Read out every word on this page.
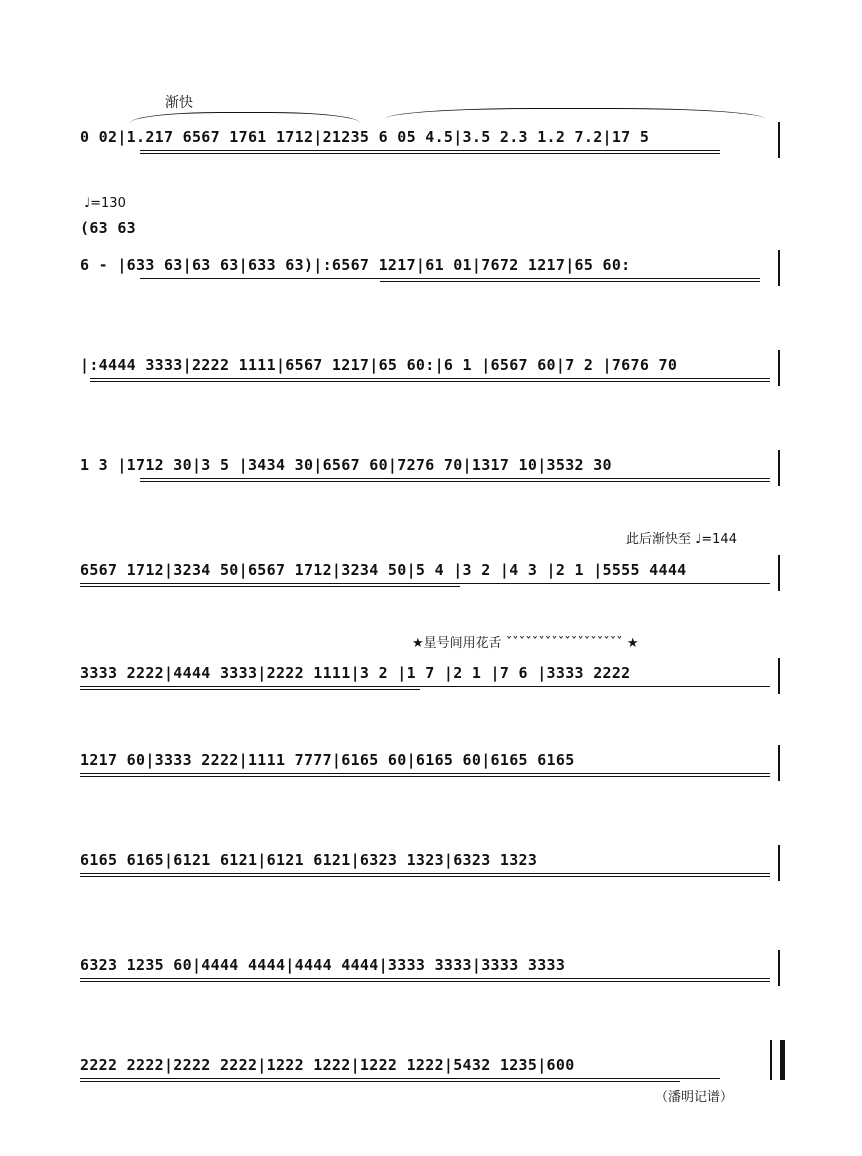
渐快
♩=130
此后渐快至 ♩=144
★星号间用花舌 ˇˇˇˇˇˇˇˇˇˇˇˇˇˇˇˇˇˇ ★
0 02|1.217 6567 1761 1712|21235 6 05 4.5|3.5 2.3 1.2 7.2|17 5
(63 63
6 - |633 63|63 63|633 63)|:6567 1217|61 01|7672 1217|65 60:
|:4444 3333|2222 1111|6567 1217|65 60:|6 1 |6567 60|7 2 |7676 70
1 3 |1712 30|3 5 |3434 30|6567 60|7276 70|1317 10|3532 30
6567 1712|3234 50|6567 1712|3234 50|5 4 |3 2 |4 3 |2 1 |5555 4444
3333 2222|4444 3333|2222 1111|3 2 |1 7 |2 1 |7 6 |3333 2222
1217 60|3333 2222|1111 7777|6165 60|6165 60|6165 6165
6165 6165|6121 6121|6121 6121|6323 1323|6323 1323
6323 1235 60|4444 4444|4444 4444|3333 3333|3333 3333
2222 2222|2222 2222|1222 1222|1222 1222|5432 1235|600
（潘明记谱）
